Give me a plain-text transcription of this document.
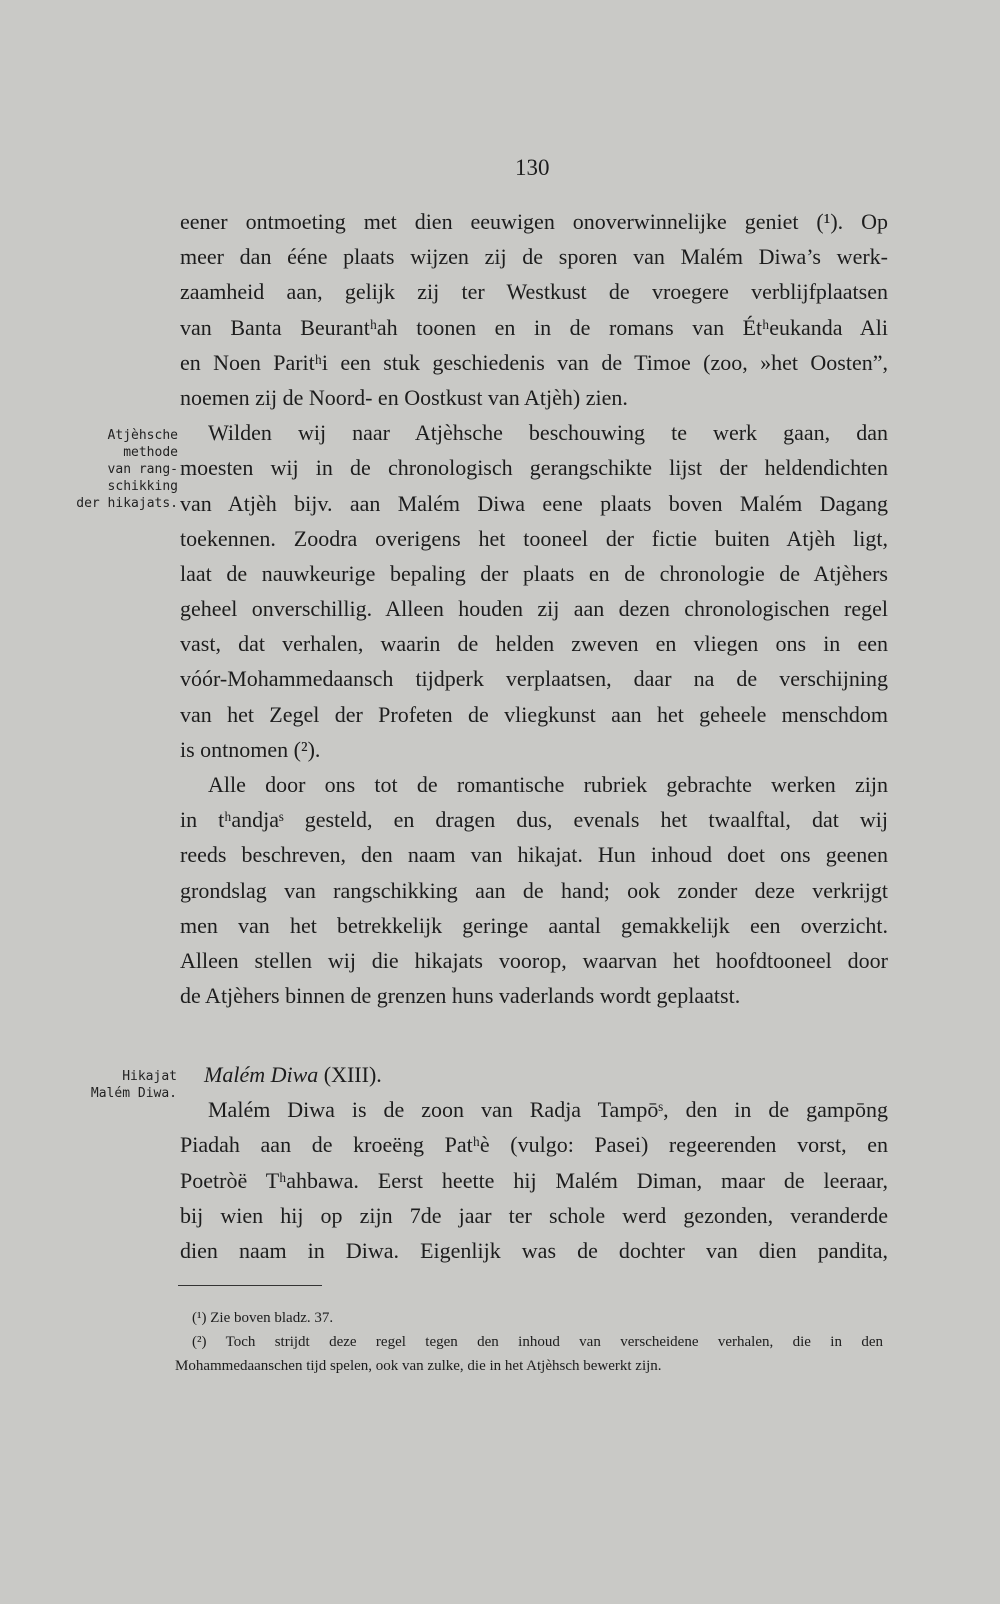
130
Atjèhsche
methode
van rang-
schikking
der hikajats.
Hikajat
Malém Diwa.
eener ontmoeting met dien eeuwigen onoverwinnelijke geniet (¹). Op
meer dan ééne plaats wijzen zij de sporen van Malém Diwa’s werk-
zaamheid aan, gelijk zij ter Westkust de vroegere verblijfplaatsen
van Banta Beurantʰah toonen en in de romans van Étʰeukanda Ali
en Noen Paritʰi een stuk geschiedenis van de Timoe (zoo, »het Oosten”,
noemen zij de Noord- en Oostkust van Atjèh) zien.
Wilden wij naar Atjèhsche beschouwing te werk gaan, dan
moesten wij in de chronologisch gerangschikte lijst der heldendichten
van Atjèh bijv. aan Malém Diwa eene plaats boven Malém Dagang
toekennen. Zoodra overigens het tooneel der fictie buiten Atjèh ligt,
laat de nauwkeurige bepaling der plaats en de chronologie de Atjèhers
geheel onverschillig. Alleen houden zij aan dezen chronologischen regel
vast, dat verhalen, waarin de helden zweven en vliegen ons in een
vóór-Mohammedaansch tijdperk verplaatsen, daar na de verschijning
van het Zegel der Profeten de vliegkunst aan het geheele menschdom
is ontnomen (²).
Alle door ons tot de romantische rubriek gebrachte werken zijn
in tʰandjaˢ gesteld, en dragen dus, evenals het twaalftal, dat wij
reeds beschreven, den naam van hikajat. Hun inhoud doet ons geenen
grondslag van rangschikking aan de hand; ook zonder deze verkrijgt
men van het betrekkelijk geringe aantal gemakkelijk een overzicht.
Alleen stellen wij die hikajats voorop, waarvan het hoofdtooneel door
de Atjèhers binnen de grenzen huns vaderlands wordt geplaatst.
Malém Diwa (XIII).
Malém Diwa is de zoon van Radja Tampōˢ, den in de gampōng
Piadah aan de kroeëng Patʰè (vulgo: Pasei) regeerenden vorst, en
Poetròë Tʰahbawa. Eerst heette hij Malém Diman, maar de leeraar,
bij wien hij op zijn 7de jaar ter schole werd gezonden, veranderde
dien naam in Diwa. Eigenlijk was de dochter van dien pandita,
(¹) Zie boven bladz. 37.
(²) Toch strijdt deze regel tegen den inhoud van verscheidene verhalen, die in den
Mohammedaanschen tijd spelen, ook van zulke, die in het Atjèhsch bewerkt zijn.
